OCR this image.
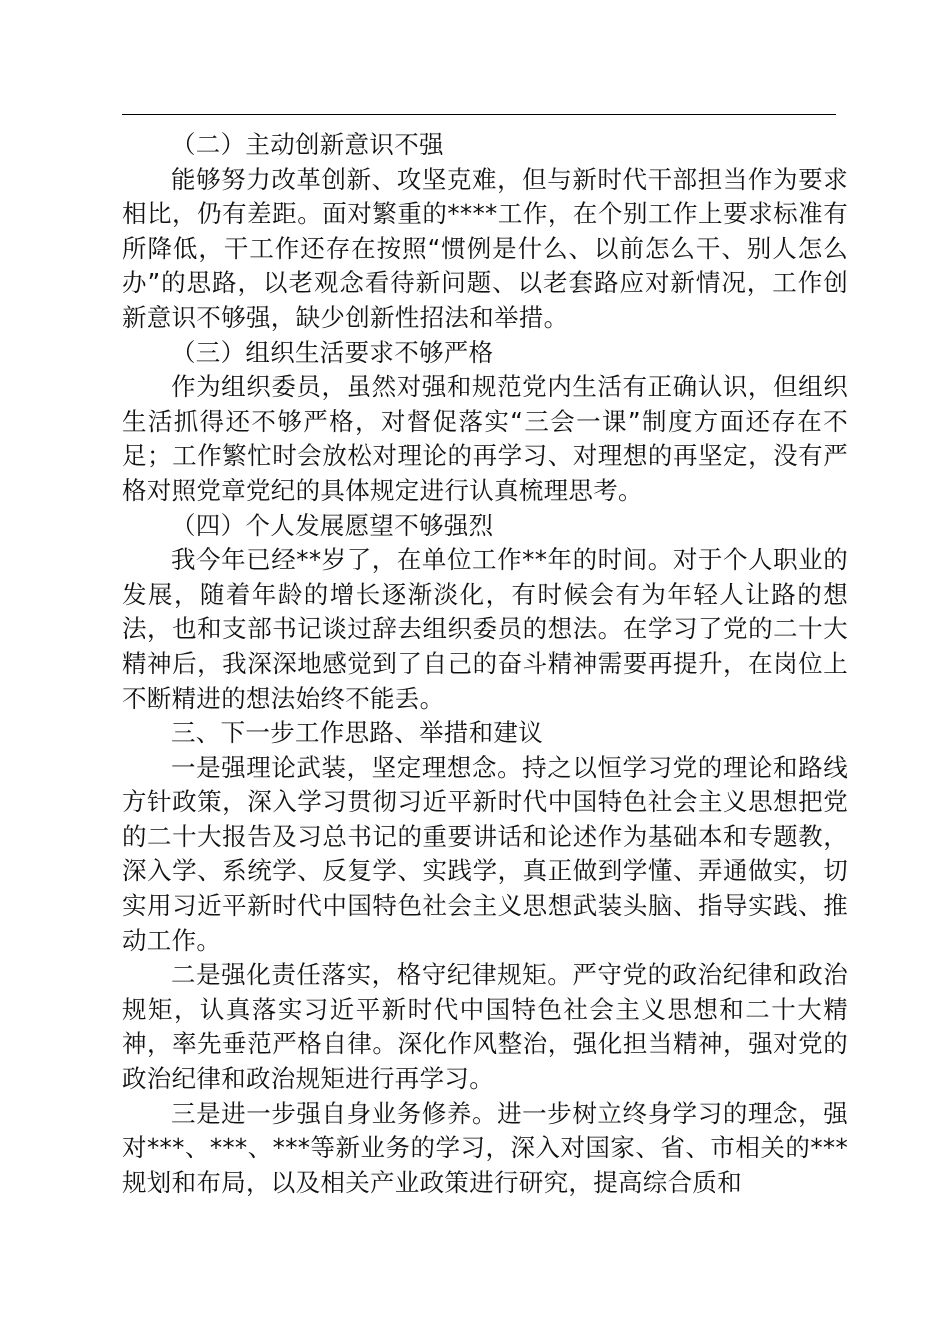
（二）主动创新意识不强

能够努力改革创新、攻坚克难，但与新时代干部担当作为要求相比，仍有差距。面对繁重的****工作，在个别工作上要求标准有所降低，干工作还存在按照“惯例是什么、以前怎么干、别人怎么办”的思路，以老观念看待新问题、以老套路应对新情况，工作创新意识不够强，缺少创新性招法和举措。

（三）组织生活要求不够严格

作为组织委员，虽然对强和规范党内生活有正确认识，但组织生活抓得还不够严格，对督促落实“三会一课”制度方面还存在不足；工作繁忙时会放松对理论的再学习、对理想的再坚定，没有严格对照党章党纪的具体规定进行认真梳理思考。

（四）个人发展愿望不够强烈

我今年已经**岁了，在单位工作**年的时间。对于个人职业的发展，随着年龄的增长逐渐淡化，有时候会有为年轻人让路的想法，也和支部书记谈过辞去组织委员的想法。在学习了党的二十大精神后，我深深地感觉到了自己的奋斗精神需要再提升，在岗位上不断精进的想法始终不能丢。

三、下一步工作思路、举措和建议

一是强理论武装，坚定理想念。持之以恒学习党的理论和路线方针政策，深入学习贯彻习近平新时代中国特色社会主义思想把党的二十大报告及习总书记的重要讲话和论述作为基础本和专题教，深入学、系统学、反复学、实践学，真正做到学懂、弄通做实，切实用习近平新时代中国特色社会主义思想武装头脑、指导实践、推动工作。

二是强化责任落实，格守纪律规矩。严守党的政治纪律和政治规矩，认真落实习近平新时代中国特色社会主义思想和二十大精神，率先垂范严格自律。深化作风整治，强化担当精神，强对党的政治纪律和政治规矩进行再学习。

三是进一步强自身业务修养。进一步树立终身学习的理念，强对***、***、***等新业务的学习，深入对国家、省、市相关的***规划和布局，以及相关产业政策进行研究，提高综合质和
